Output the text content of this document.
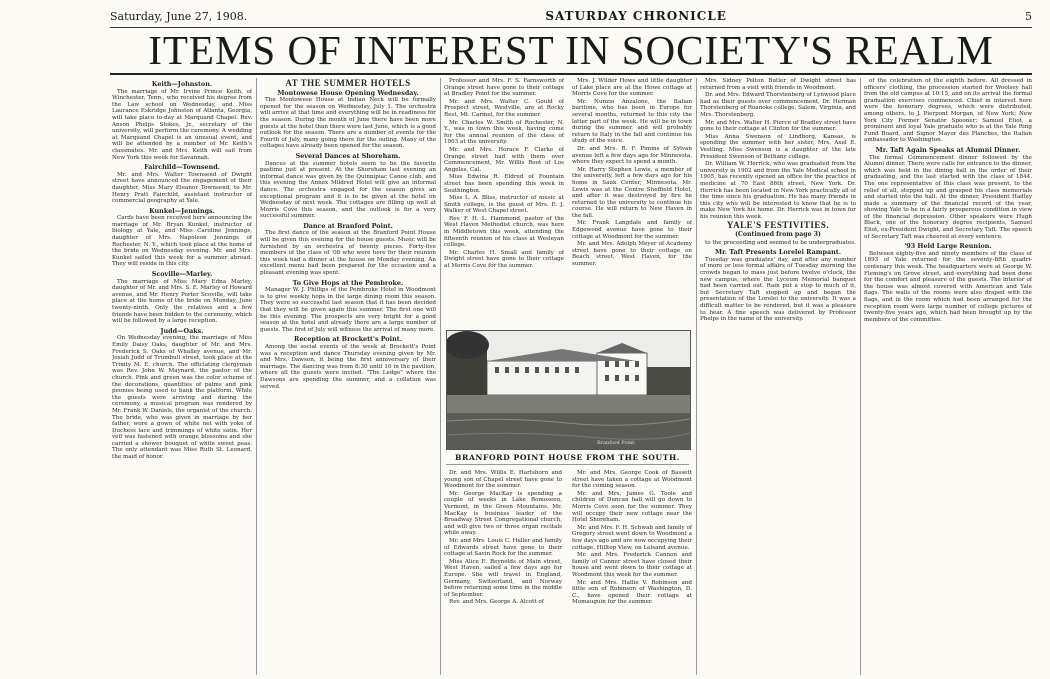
Saturday, June 27, 1908.	SATURDAY CHRONICLE	5
ITEMS OF INTEREST IN SOCIETY'S REALM
Keith—Johnston.

The marriage of Mr. Irvine Prince Keith, of Winchester, Tenn., who received his degree from the Law school on Wednesday, and Miss Laurance Eskridge Johnston of Atlanta, Georgia, will take place to-day at Marquand Chapel. Rev. Anson Phelps Stokes, Jr., secretary of the university, will perform the ceremony. A wedding at Marquand Chapel is an unusual event, and will be attended by a number of Mr. Keith's classmates. Mr. and Mrs. Keith will sail from New York this week for Savannah.

Fairchild—Townsend.

Mr. and Mrs. Walter Townsend of Dwight street have announced the engagement of their daughter, Miss Mary Eleanor Townsend, to Mr. Henry Pratt Fairchild, assistant instructor of commercial geography at Yale.

Kunkel—Jennings.

Cards have been received here announcing the marriage of Mr. Bryan Kunkel, instructor of biology at Yale, and Miss Caroline Jennings, daughter of Mrs. Napoleon Jennings of Rochester, N. Y., which took place at the home of the bride on Wednesday evening. Mr. and Mrs. Kunkel sailed this week for a summer abroad. They will reside in this city.

Scoville—Marley.

The marriage of Miss Mary Edna Marley, daughter of Mr. and Mrs. S. E. Marley of Howard avenue, and Mr. Henry Porter Scoville, will take place at the home of the bride on Monday, June twenty-ninth. Only the relatives and a few friends have been bidden to the ceremony, which will be followed by a large reception.

Judd—Oaks.

On Wednesday evening, the marriage of Miss Emily Daisy Oaks, daughter of Mr. and Mrs. Frederick S. Oaks of Whalley avenue, and Mr. Josiah Judd of Trumbull street, took place at the Trinity M. E. church. The officiating clergyman was Rev. John W. Maynard, the pastor of the church. Pink and green was the color scheme of the decorations, quantities of palms and pink peonies being used to bank the platform. While the guests were arriving and during the ceremony, a musical program was rendered by Mr. Frank W. Daniels, the organist of the church. The bride, who was given in marriage by her father, wore a gown of white net with yoke of Duchess lace and trimmings of white satin. Her veil was fastened with orange blossoms and she carried a shower bouquet of white sweet peas. The only attendant was Miss Ruth St. Leonard, the maid of honor.

AT THE SUMMER HOTELS
Montowese House Opening Wednesday.

The Montowese House at Indian Neck will be formally opened for the season on Wednesday, July 1. The orchestra will arrive at that time and everything will be in readiness for the season. During the month of June there have been more guests at the hotel than there were last June, which is a good outlook for the season. There are a number of events for the Fourth of July, many going there for the outing. Many of the cottages have already been opened for the season.

Several Dances at Shoreham.

Dances at the summer hotels seem to be the favorite pastime just at present. At the Shoreham last evening an informal dance was given by the Quinnipiac Canoe club, and this evening the Annex Mildred Hotel will give an informal dance. The orchestra engaged for the season gives an exceptional program and it is to be given at the hotel on Wednesday of next week. The cottages are filling up well at Morris Cove this season, and the outlook is for a very successful summer.

Dance at Branford Point.

The first dance of the season at the Branford Point House will be given this evening for the house guests. Music will be furnished by an orchestra of twenty pieces. Forty-five members of the class of '08 who were here for their reunion this week had a dinner at the house on Monday evening. An excellent menu had been prepared for the occasion and a pleasant evening was spent.

To Give Hops at the Pembroke.

Manager W. J. Phillips of the Pembroke Hotel in Woodmont is to give weekly hops in the large dining room this season. They were so successful last season that it has been decided that they will be given again this summer. The first one will be this evening. The prospects are very bright for a good season at the hotel and already there are a large number of guests. The first of July will witness the arrival of many more.

Reception at Brockett's Point.

Among the social events of the week at Brockett's Point was a reception and dance Thursday evening given by Mr. and Mrs. Dawson, it being the first anniversary of their marriage. The dancing was from 8:30 until 10 in the pavilion, where all the guests were invited. "The Ledge" where the Dawsons are spending the summer, and a collation was served.

Professor and Mrs. F. S. Farnsworth of Orange street have gone to their cottage at Bradley Point for the summer.

Mr. and Mrs. Walter C. Gould of Prospect street, Westville, are at Rocky Rest, Mt. Carmel, for the summer.

Mr. Charles W. Smith of Rochester, N. Y., was in town this week, having come for the annual reunion of the class of 1903 at the university.

Mr. and Mrs. Horace F. Clarke of Orange street had with them over Commencement, Mr. Willis Root of Los Angeles, Cal.

Miss Edwina R. Eldred of Fountain street has been spending this week in Southington.

Miss L. A. Bliss, instructor of music at Smith college, is the guest of Mrs. E. J. Walker of West Chapel street.

Rev. F. H. L. Hammond, pastor of the West Haven Methodist church, was here in Middletown this week, attending the fifteenth reunion of his class at Wesleyan college.

Mr. Charles H. Small and family of Dwight street have gone to their cottage at Morris Cove for the summer.

Mrs. J. Wilder Hows and little daughter of Lake place are at the Howe cottage at Morris Cove for the summer.

Mr. Nunzio Anzalone, the Italian baritone, who has been in Europe for several months, returned to this city the latter part of the week. He will be in town during the summer, and will probably return to Italy in the fall and continue his study of the voice.

Dr. and Mrs. R. F. Pimms of Sylvan avenue left a few days ago for Minnesota, where they expect to spend a month.

Mr. Harry Stephen Lewis, a member of the university, left a few days ago for his home in Sauk Center, Minnesota. Mr. Lewis was at the Centre Sheffield Hotel, and after it was destroyed by fire he returned to the university to continue his course. He will return to New Haven in the fall.

Mr. Frank Langdale and family of Edgewood avenue have gone to their cottage at Woodmont for the summer.

Mr. and Mrs. Adolph Meyer of Academy street have gone to their cottage on Beach street, West Haven, for the summer.

Mrs. Sidney Pelton Butler of Dwight street has returned from a visit with friends in Woodmont.

Dr. and Mrs. Edward Thorstenberg of Lynwood place had as their guests over commencement, Dr. Herman Thorstenberg of Roanoke college, Salem, Virginia, and Mrs. Thorstenberg.

Mr. and Mrs. Walter H. Pierce of Bradley street have gone to their cottage at Clinton for the summer.

Miss Anna Swenson of Lindborg, Kansas, is spending the summer with her sister, Mrs. Axel E. Vestling. Miss Swenson is a daughter of the late President Swenson of Bethany college.

Dr. William W. Herrick, who was graduated from the university in 1902 and from the Yale Medical school in 1905, has recently opened an office for the practice of medicine at 70 East 86th street, New York. Dr. Herrick has been located in New York practically all of the time since his graduation. He has many friends in this city who will be interested to know that he is to make New York his home. Dr. Herrick was in town for his reunion this week.

YALE'S FESTIVITIES.
(Continued from page 3)

to the proceeding and seemed to be undergraduates.

Mr. Taft Presents Lorelei Rampant.

Tuesday was graduates' day, and after any number of more or less formal affairs of Tuesday morning the crowds began to mass just before twelve o'clock, the new campus, where the Lyceum Memorial banquet had been carried out. Rain put a stop to much of it, but Secretary Taft stopped up and began the presentation of the Lorelei to the university. It was a difficult matter to be rendered, but it was a pleasure to hear. A fine speech was delivered by Professor Phelps in the name of the university.

of the celebration of the eighth before. All dressed in officers' clothing, the procession started for Woolsey hall from the old campus at 10:15, and on its arrival the formal graduation exercises commenced. Chief in interest here were the honorary degrees, which were distributed, among others, to J. Pierpont Morgan, of New York; New York City Former Senator Spooner; Samuel Eliot, a prominent and loyal Yale graduate who is at the Yale Ring Fund Board, and Signor Mayor des Planches, the Italian ambassador to Washington.

Mr. Taft Again Speaks at Alumni Dinner.

The formal Commencement dinner followed by the Alumni dinner. There were calls for entrance to the dinner, which was held in the dining hall in the order of their graduating, and the last started with the class of 1844. The one representative of this class was present, to the relief of all, stepped up and grasped his class memorials and started into the hall. At the dinner, President Hadley made a summary of the financial record of the year, showing Yale to be in a fairly prosperous condition in view of the financial depression. Other speakers were Hugh Black, one of the honorary degree recipients, Samuel Eliot, ex-President Dwight, and Secretary Taft. The speech of Secretary Taft was cheered at every sentence.

'93 Held Large Reunion.

Between eighty-five and ninety members of the class of 1893 of Yale returned for the seventy-fifth quadri-centenary this week. The headquarters were at George W. Fleming's on Grove street, and everything had been done for the comfort and pleasure of the guests. The interior of the house was almost covered with American and Yale flags. The walls of the rooms were also draped with the flags, and in the room which had been arranged for the reception room were large number of college pictures of twenty-five years ago, which had been brought up by the members of the committee.

Branford Point.
BRANFORD POINT HOUSE FROM THE SOUTH.

Dr. and Mrs. Willis E. Hartshorn and young son of Chapel street have gone to Woodmont for the summer.

Mr. George MacKay is spending a couple of weeks in Lake Bomoseen, Vermont, in the Green Mountains. Mr. MacKay is business leader of the Broadway Street Congregational church, and will give two or three organ recitals while away.

Mr. and Mrs. Louis C. Heller and family of Edwards street have gone to their cottage at Savin Rock for the summer.

Miss Alice E. Reynolds of Main street, West Haven, sailed a few days ago for Europe. She will travel in England, Germany, Switzerland, and Norway before returning some time in the middle of September.

Rev. and Mrs. George A. Alcott of

Mr. and Mrs. George Cook of Bassett street have taken a cottage at Woodmont for the coming season.

Mr. and Mrs. James G. Toole and children of Duncan hall will go down to Morris Cove soon for the summer. They will occupy their new cottage near the Hotel Shoreham.

Mr. and Mrs. F. H. Schwab and family of Gregory street went down to Woodmont a few days ago and are now occupying their cottage, Hilltop View, on Lelsand avenue.

Mr. and Mrs. Frederick Cannon and family of Canner street have closed their house and went down to their cottage at Woodmont this week for the summer.

Mr. and Mrs. Hallie V. Robinson and little son of Robinson of Washington, D. C., have opened their cottage at Momauguin for the summer.
